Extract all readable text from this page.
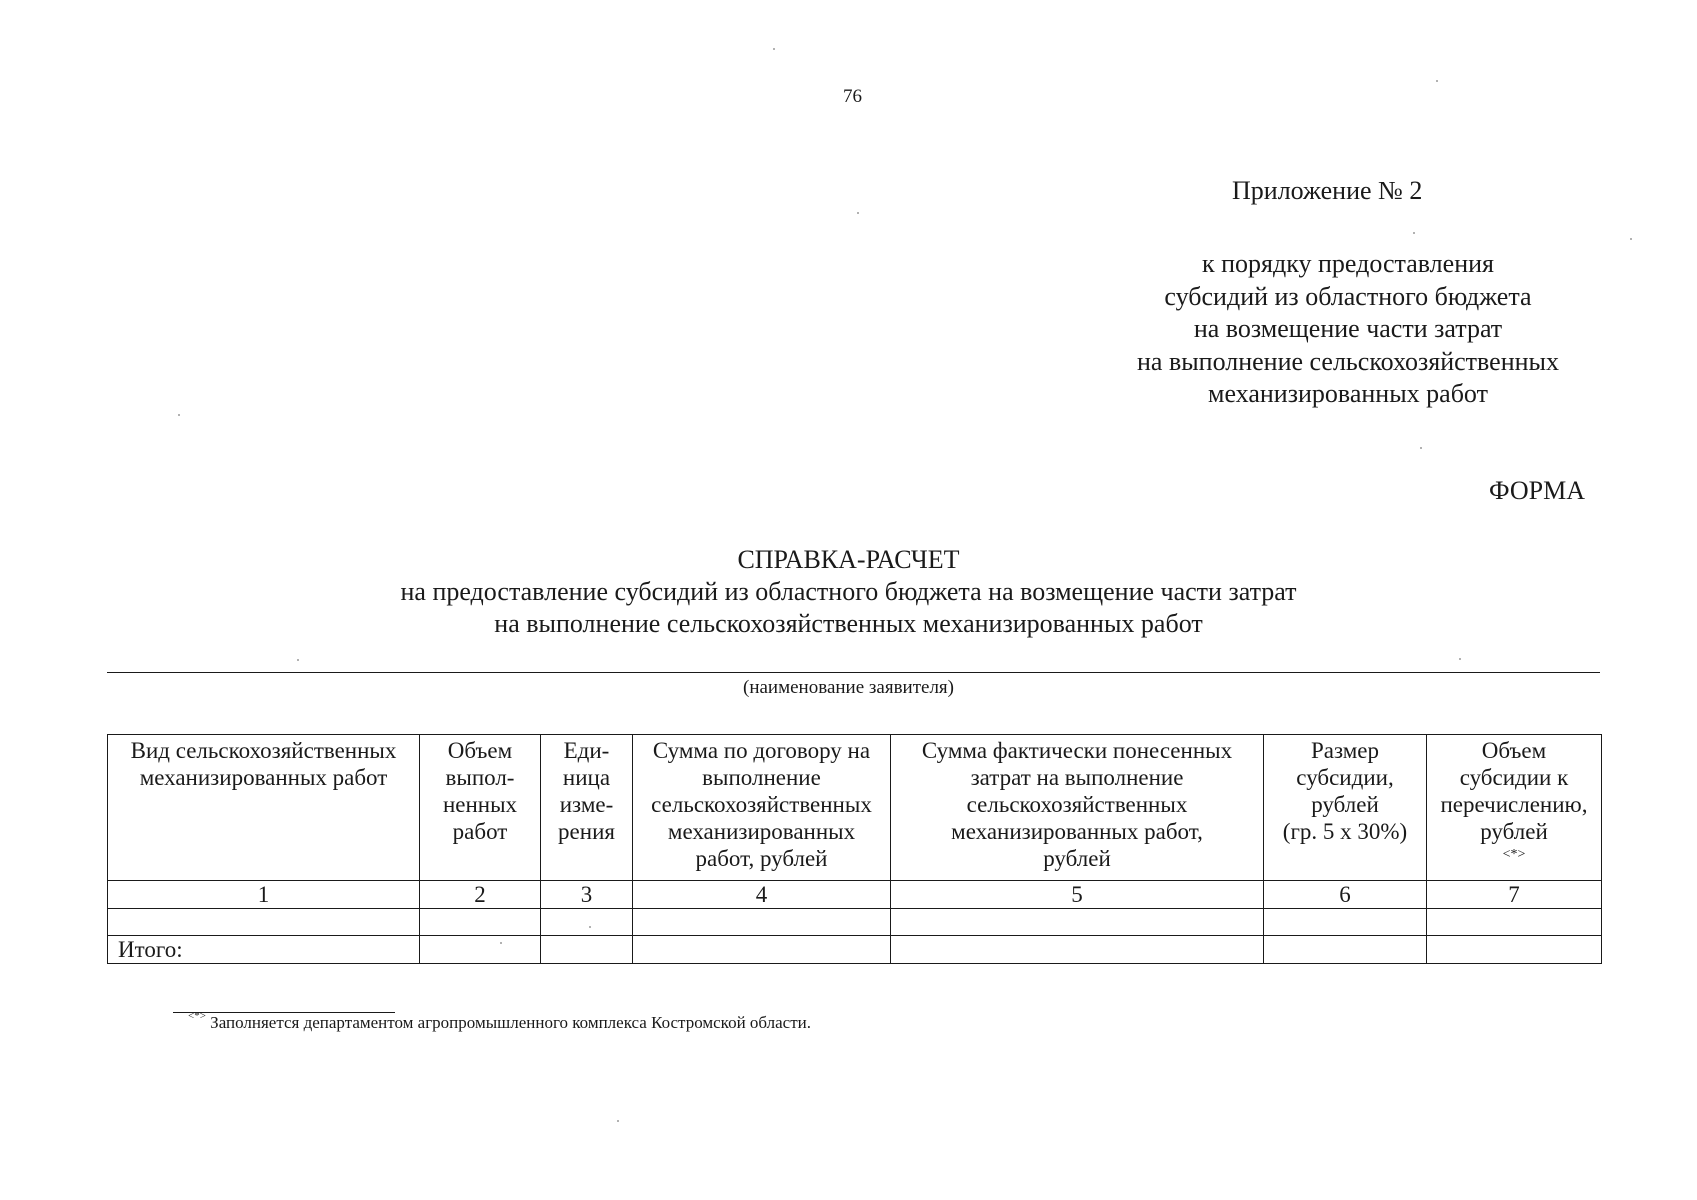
76
Приложение № 2
к порядку предоставления
субсидий из областного бюджета
на возмещение части затрат
на выполнение сельскохозяйственных
механизированных работ
ФОРМА
СПРАВКА-РАСЧЕТ
на предоставление субсидий из областного бюджета на возмещение части затрат
на выполнение сельскохозяйственных механизированных работ
(наименование заявителя)
Вид сельскохозяйственных
механизированных работ	Объем
выпол-
ненных
работ	Еди-
ница
изме-
рения	Сумма по договору на
выполнение
сельскохозяйственных
механизированных
работ, рублей	Сумма фактически понесенных
затрат на выполнение
сельскохозяйственных
механизированных работ,
рублей	Размер
субсидии,
рублей
(гр. 5 х 30%)	Объем
субсидии к
перечислению,
рублей
<*>

1	2	3	4	5	6	7

Итого:						
<*> Заполняется департаментом агропромышленного комплекса Костромской области.
